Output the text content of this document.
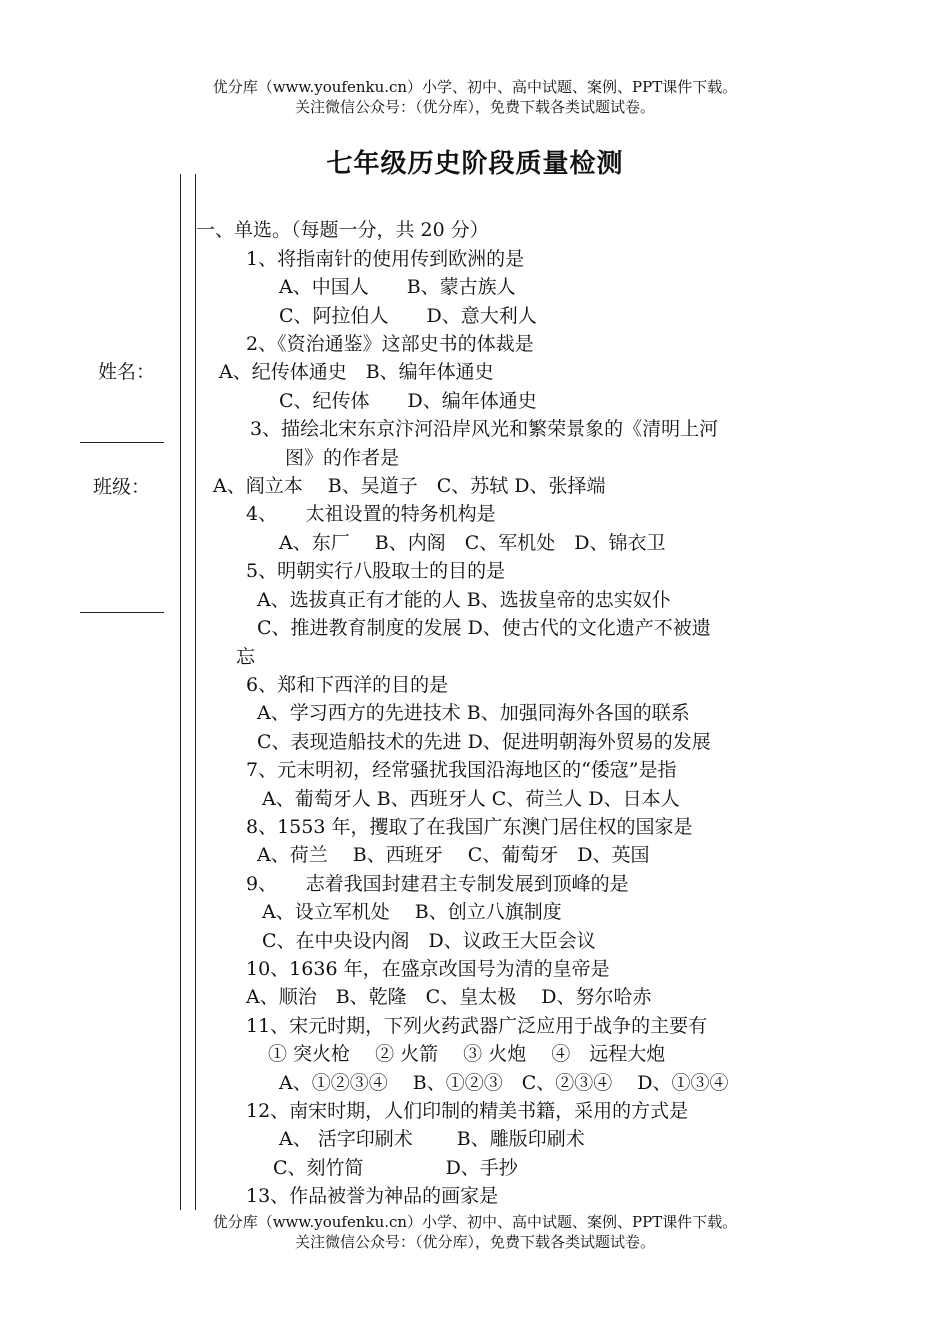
优分库（www.youfenku.cn）小学、初中、高中试题、案例、PPT课件下载。
关注微信公众号：（优分库），免费下载各类试题试卷。
七年级历史阶段质量检测
姓名：
班级：
一、单选。（每题一分，共 20 分）
1、将指南针的使用传到欧洲的是
A、中国人　　B、蒙古族人
C、阿拉伯人　　D、意大利人
2、《资治通鉴》这部史书的体裁是
A、纪传体通史　B、编年体通史
C、纪传体　　D、编年体通史
3、描绘北宋东京汴河沿岸风光和繁荣景象的《清明上河
图》的作者是
A、阎立本　 B、吴道子　C、苏轼 D、张择端
4、　　太祖设置的特务机构是
A、东厂　 B、内阁　C、军机处　D、锦衣卫
5、明朝实行八股取士的目的是
A、选拔真正有才能的人 B、选拔皇帝的忠实奴仆
C、推进教育制度的发展 D、使古代的文化遗产不被遗
忘
6、郑和下西洋的目的是
A、学习西方的先进技术 B、加强同海外各国的联系
C、表现造船技术的先进 D、促进明朝海外贸易的发展
7、元末明初，经常骚扰我国沿海地区的“倭寇”是指
A、葡萄牙人 B、西班牙人 C、荷兰人 D、日本人
8、1553 年，攫取了在我国广东澳门居住权的国家是
A、荷兰　 B、西班牙　 C、葡萄牙　D、英国
9、　　志着我国封建君主专制发展到顶峰的是
A、设立军机处　 B、创立八旗制度
C、在中央设内阁　D、议政王大臣会议
10、1636 年，在盛京改国号为清的皇帝是
A、顺治　B、乾隆　C、皇太极　 D、努尔哈赤
11、宋元时期，下列火药武器广泛应用于战争的主要有
① 突火枪　 ② 火箭　 ③ 火炮　 ④　远程大炮
A、①②③④　 B、①②③　C、②③④　 D、①③④
12、南宋时期，人们印制的精美书籍，采用的方式是
A、 活字印刷术　　 B、雕版印刷术
C、刻竹简　　　　 D、手抄
13、作品被誉为神品的画家是
优分库（www.youfenku.cn）小学、初中、高中试题、案例、PPT课件下载。
关注微信公众号：（优分库），免费下载各类试题试卷。
